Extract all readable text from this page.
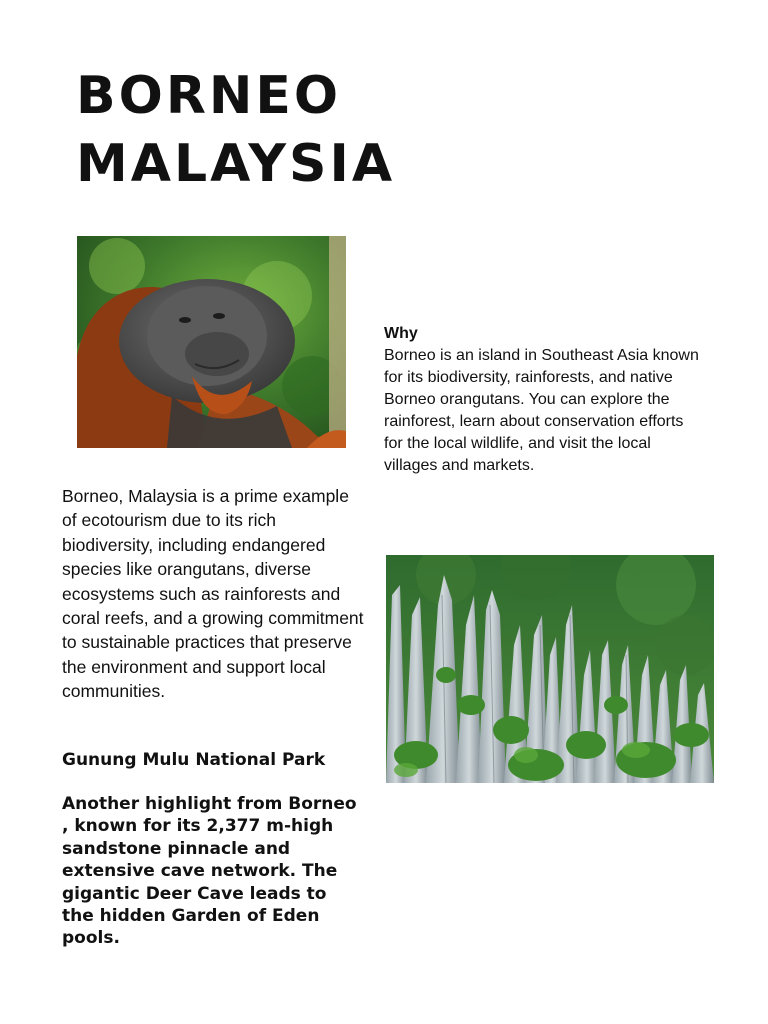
BORNEO
MALAYSIA
Why
Borneo is an island in Southeast Asia known for its biodiversity, rainforests, and native Borneo orangutans. You can explore the rainforest, learn about conservation efforts for the local wildlife, and visit the local villages and markets.

Borneo, Malaysia is a prime example of ecotourism due to its rich biodiversity, including endangered species like orangutans, diverse ecosystems such as rainforests and coral reefs, and a growing commitment to sustainable practices that preserve the environment and support local communities.

Gunung Mulu National Park

Another highlight from Borneo , known for its 2,377 m-high sandstone pinnacle and extensive cave network. The gigantic Deer Cave leads to the hidden Garden of Eden pools.
